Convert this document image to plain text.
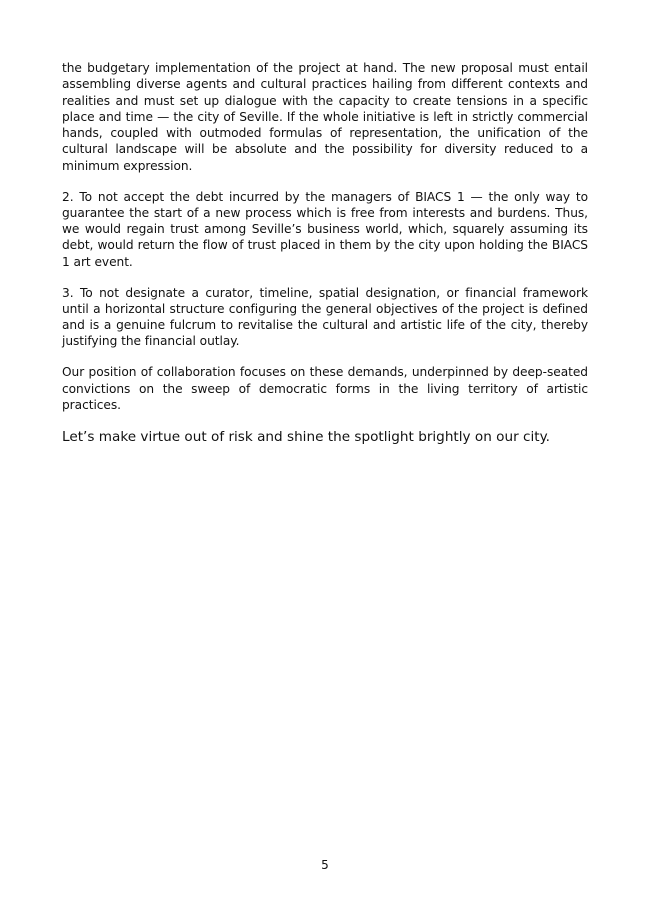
the budgetary implementation of the project at hand. The new proposal must entail assembling diverse agents and cultural practices hailing from different contexts and realities and must set up dialogue with the capacity to create tensions in a specific place and time — the city of Seville. If the whole initiative is left in strictly commercial hands, coupled with outmoded formulas of representation, the unification of the cultural landscape will be absolute and the possibility for diversity reduced to a minimum expression.

2. To not accept the debt incurred by the managers of BIACS 1 — the only way to guarantee the start of a new process which is free from interests and burdens. Thus, we would regain trust among Seville’s business world, which, squarely assuming its debt, would return the flow of trust placed in them by the city upon holding the BIACS 1 art event.

3. To not designate a curator, timeline, spatial designation, or financial framework until a horizontal structure configuring the general objectives of the project is defined and is a genuine fulcrum to revitalise the cultural and artistic life of the city, thereby justifying the financial outlay.

Our position of collaboration focuses on these demands, underpinned by deep-seated convictions on the sweep of democratic forms in the living territory of artistic practices.

Let’s make virtue out of risk and shine the spotlight brightly on our city.

5
